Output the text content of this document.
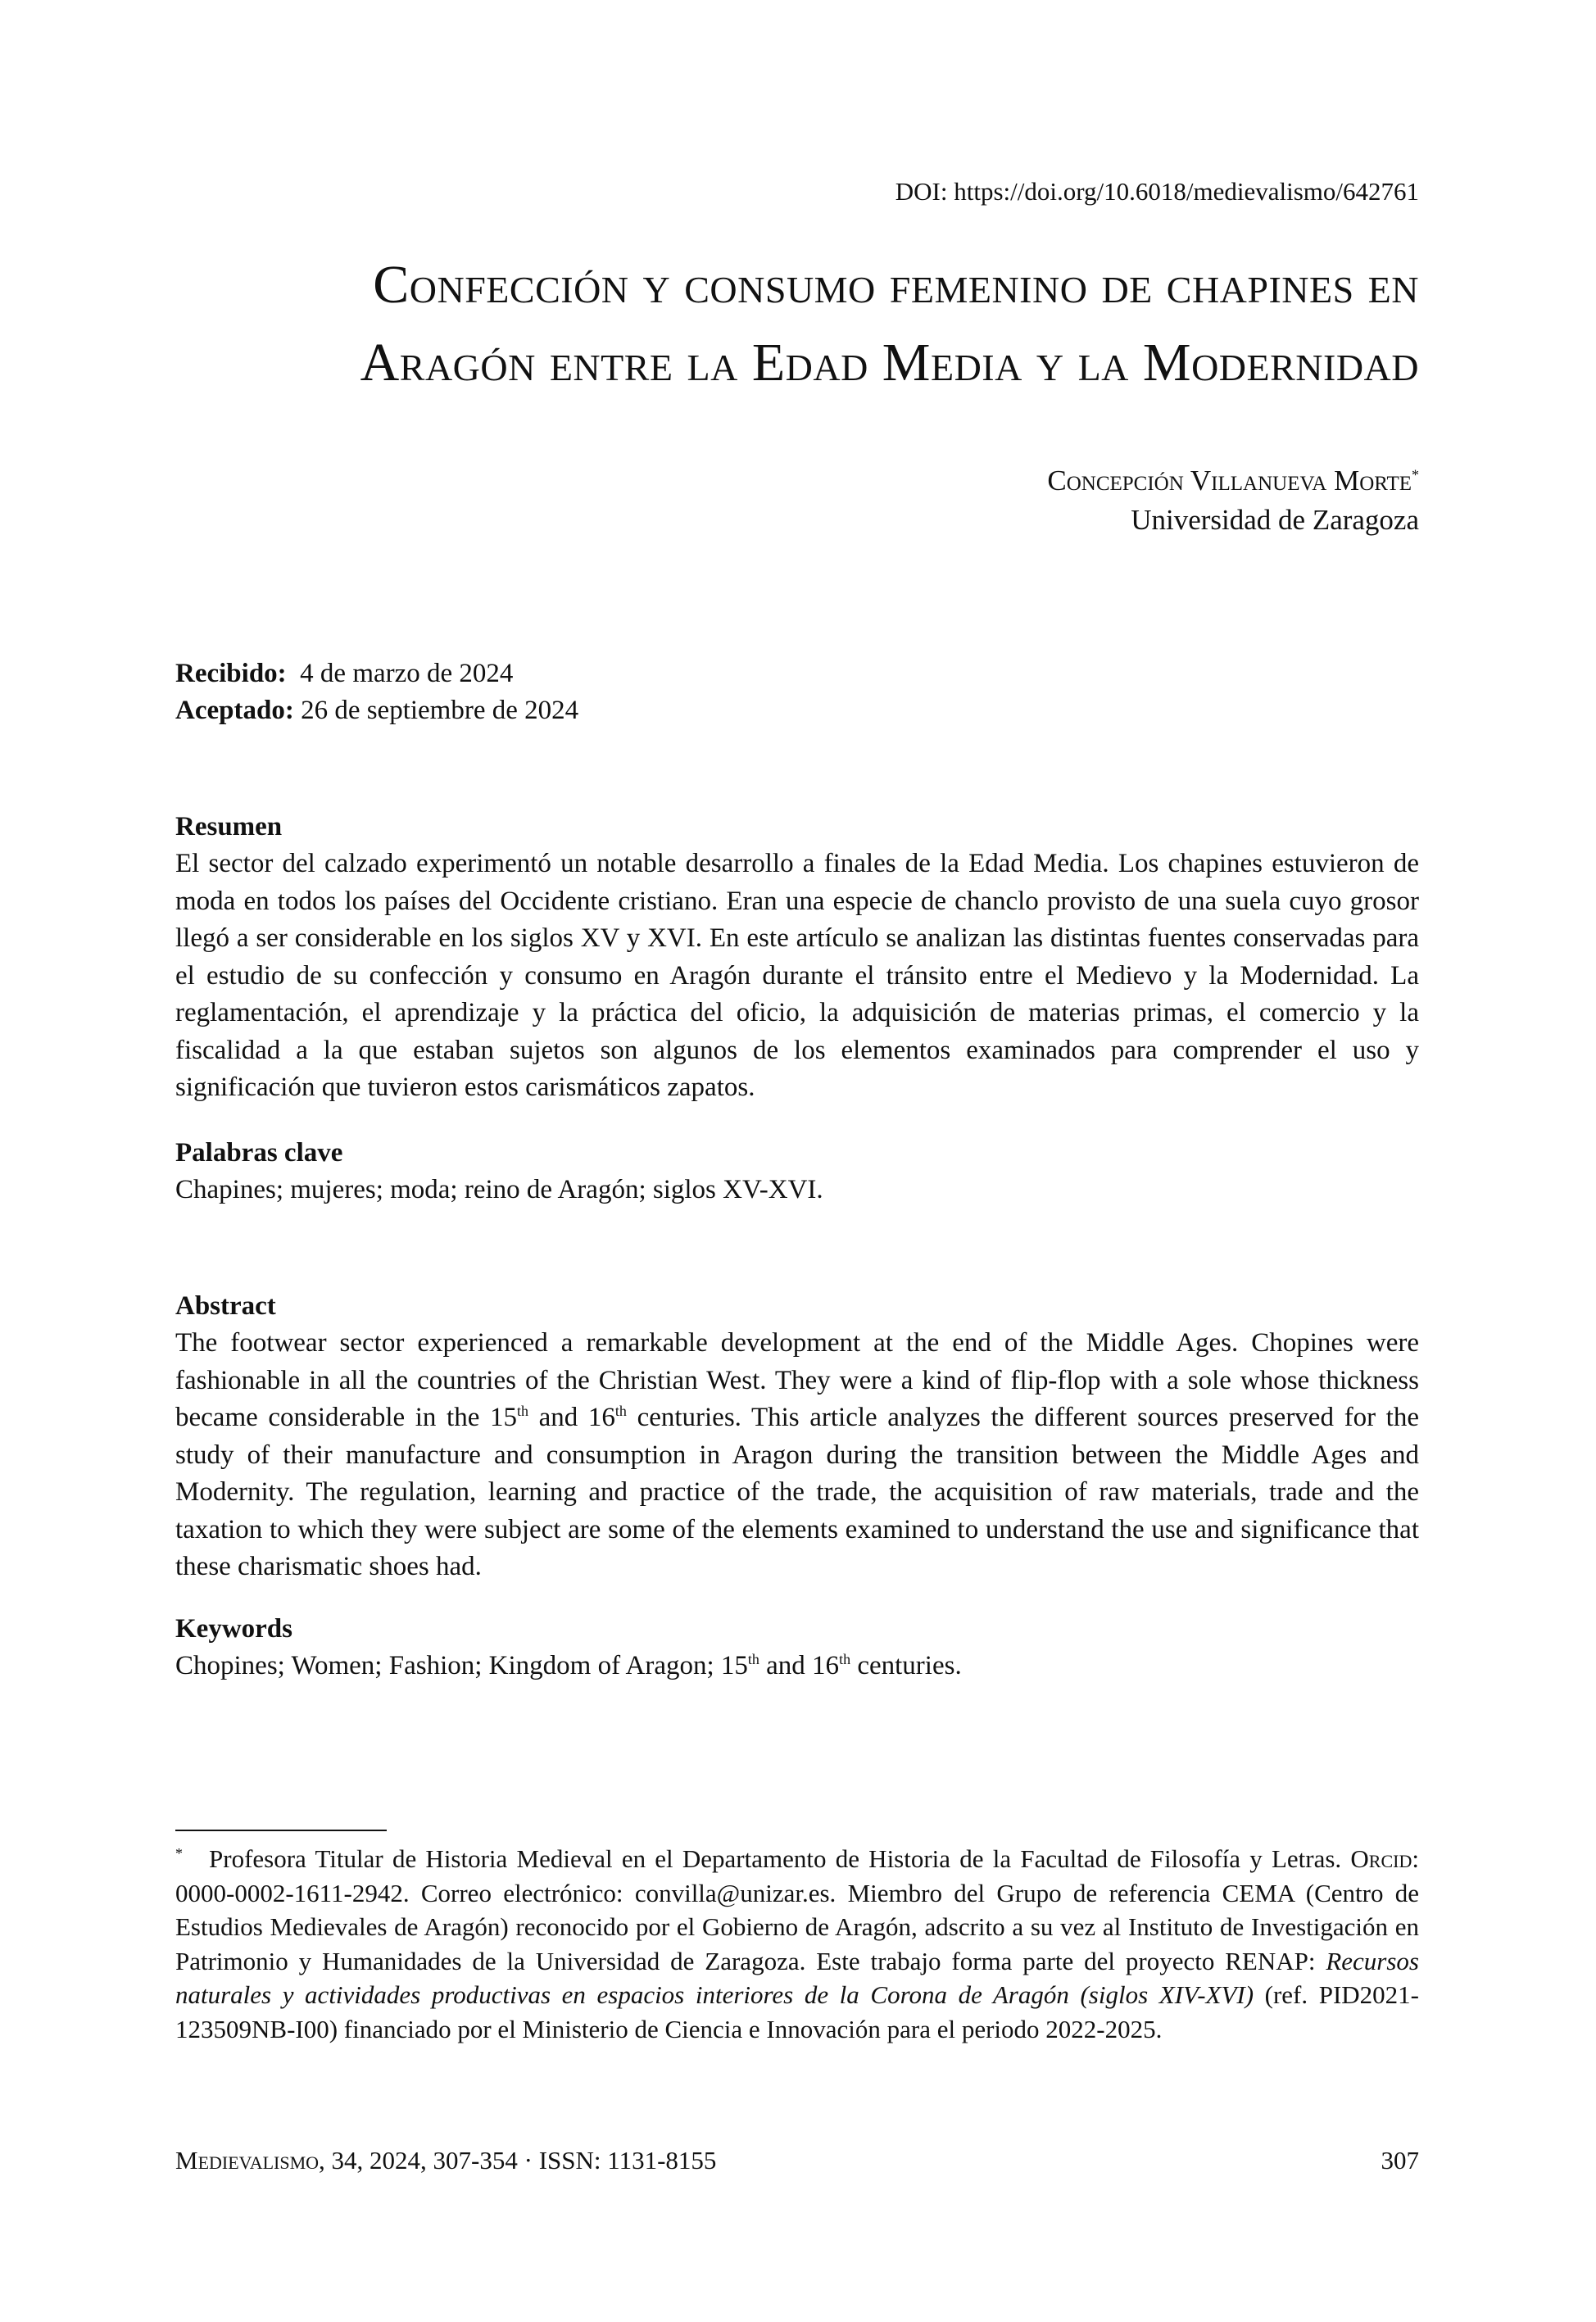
DOI: https://doi.org/10.6018/medievalismo/642761
Confección y consumo femenino de chapines en
Aragón entre la Edad Media y la Modernidad
Concepción Villanueva Morte*
Universidad de Zaragoza
Recibido: 4 de marzo de 2024
Aceptado: 26 de septiembre de 2024
Resumen

El sector del calzado experimentó un notable desarrollo a finales de la Edad Media. Los chapines estuvieron de moda en todos los países del Occidente cristiano. Eran una especie de chanclo provisto de una suela cuyo grosor llegó a ser considerable en los siglos XV y XVI. En este artículo se analizan las distintas fuentes conservadas para el estudio de su confección y consumo en Aragón durante el tránsito entre el Medievo y la Modernidad. La reglamentación, el aprendizaje y la práctica del oficio, la adquisición de materias primas, el comercio y la fiscalidad a la que estaban sujetos son algunos de los elementos examinados para comprender el uso y significación que tuvieron estos carismáticos zapatos.

Palabras clave

Chapines; mujeres; moda; reino de Aragón; siglos XV-XVI.

Abstract

The footwear sector experienced a remarkable development at the end of the Middle Ages. Chopines were fashionable in all the countries of the Christian West. They were a kind of flip-flop with a sole whose thickness became considerable in the 15th and 16th centuries. This article analyzes the different sources preserved for the study of their manufacture and consumption in Aragon during the transition between the Middle Ages and Modernity. The regulation, learning and practice of the trade, the acquisition of raw materials, trade and the taxation to which they were subject are some of the elements examined to understand the use and significance that these charismatic shoes had.

Keywords

Chopines; Women; Fashion; Kingdom of Aragon; 15th and 16th centuries.

* Profesora Titular de Historia Medieval en el Departamento de Historia de la Facultad de Filosofía y Letras. Orcid: 0000-0002-1611-2942. Correo electrónico: convilla@unizar.es. Miembro del Grupo de referencia CEMA (Centro de Estudios Medievales de Aragón) reconocido por el Gobierno de Aragón, adscrito a su vez al Instituto de Investigación en Patrimonio y Humanidades de la Universidad de Zaragoza. Este trabajo forma parte del proyecto RENAP: Recursos naturales y actividades productivas en espacios interiores de la Corona de Aragón (siglos XIV-XVI) (ref. PID2021-123509NB-I00) financiado por el Ministerio de Ciencia e Innovación para el periodo 2022-2025.
Medievalismo, 34, 2024, 307-354 · ISSN: 1131-8155	307
